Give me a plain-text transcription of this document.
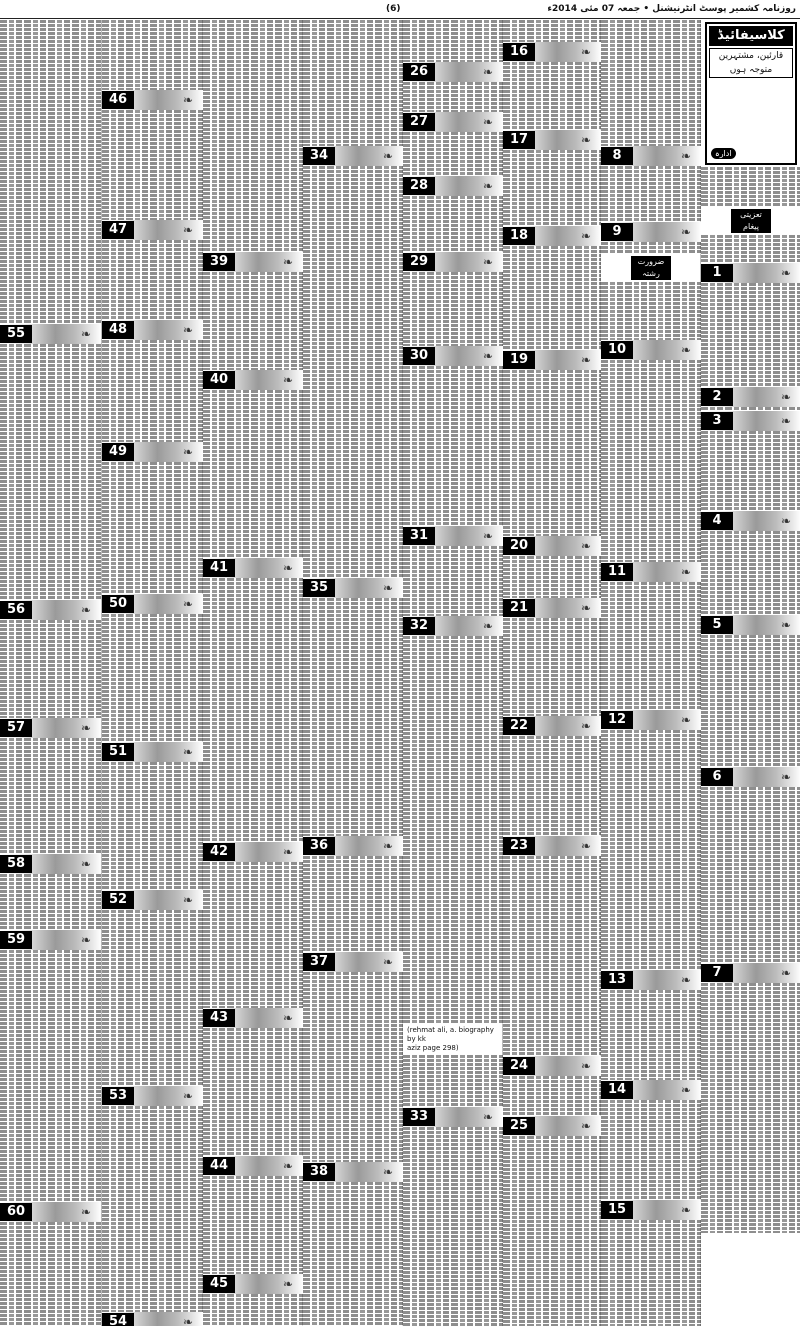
(6)	روزنامہ کشمیر پوسٹ انٹرنیشنل • جمعہ 07 مئی 2014ء
کلاسیفائیڈ
قارئین، مشتہرین متوجہ ہوں
ادارہ
تعزیتی پیغام
1	❧
2	❧
3	❧
4	❧
5	❧
6	❧
7	❧
8	❧
9	❧
ضرورت رشتہ
10	❧
11	❧
12	❧
13	❧
14	❧
15	❧
16	❧
17	❧
18	❧
19	❧
20	❧
21	❧
22	❧
23	❧
24	❧
25	❧
26	❧
27	❧
28	❧
29	❧
30	❧
31	❧
32	❧
(rehmat ali, a. biography by kk
aziz page 298)
33	❧
34	❧
35	❧
36	❧
37	❧
38	❧
39	❧
40	❧
41	❧
42	❧
43	❧
44	❧
45	❧
46	❧
47	❧
48	❧
49	❧
50	❧
51	❧
52	❧
53	❧
54	❧
55	❧
56	❧
57	❧
58	❧
59	❧
60	❧
